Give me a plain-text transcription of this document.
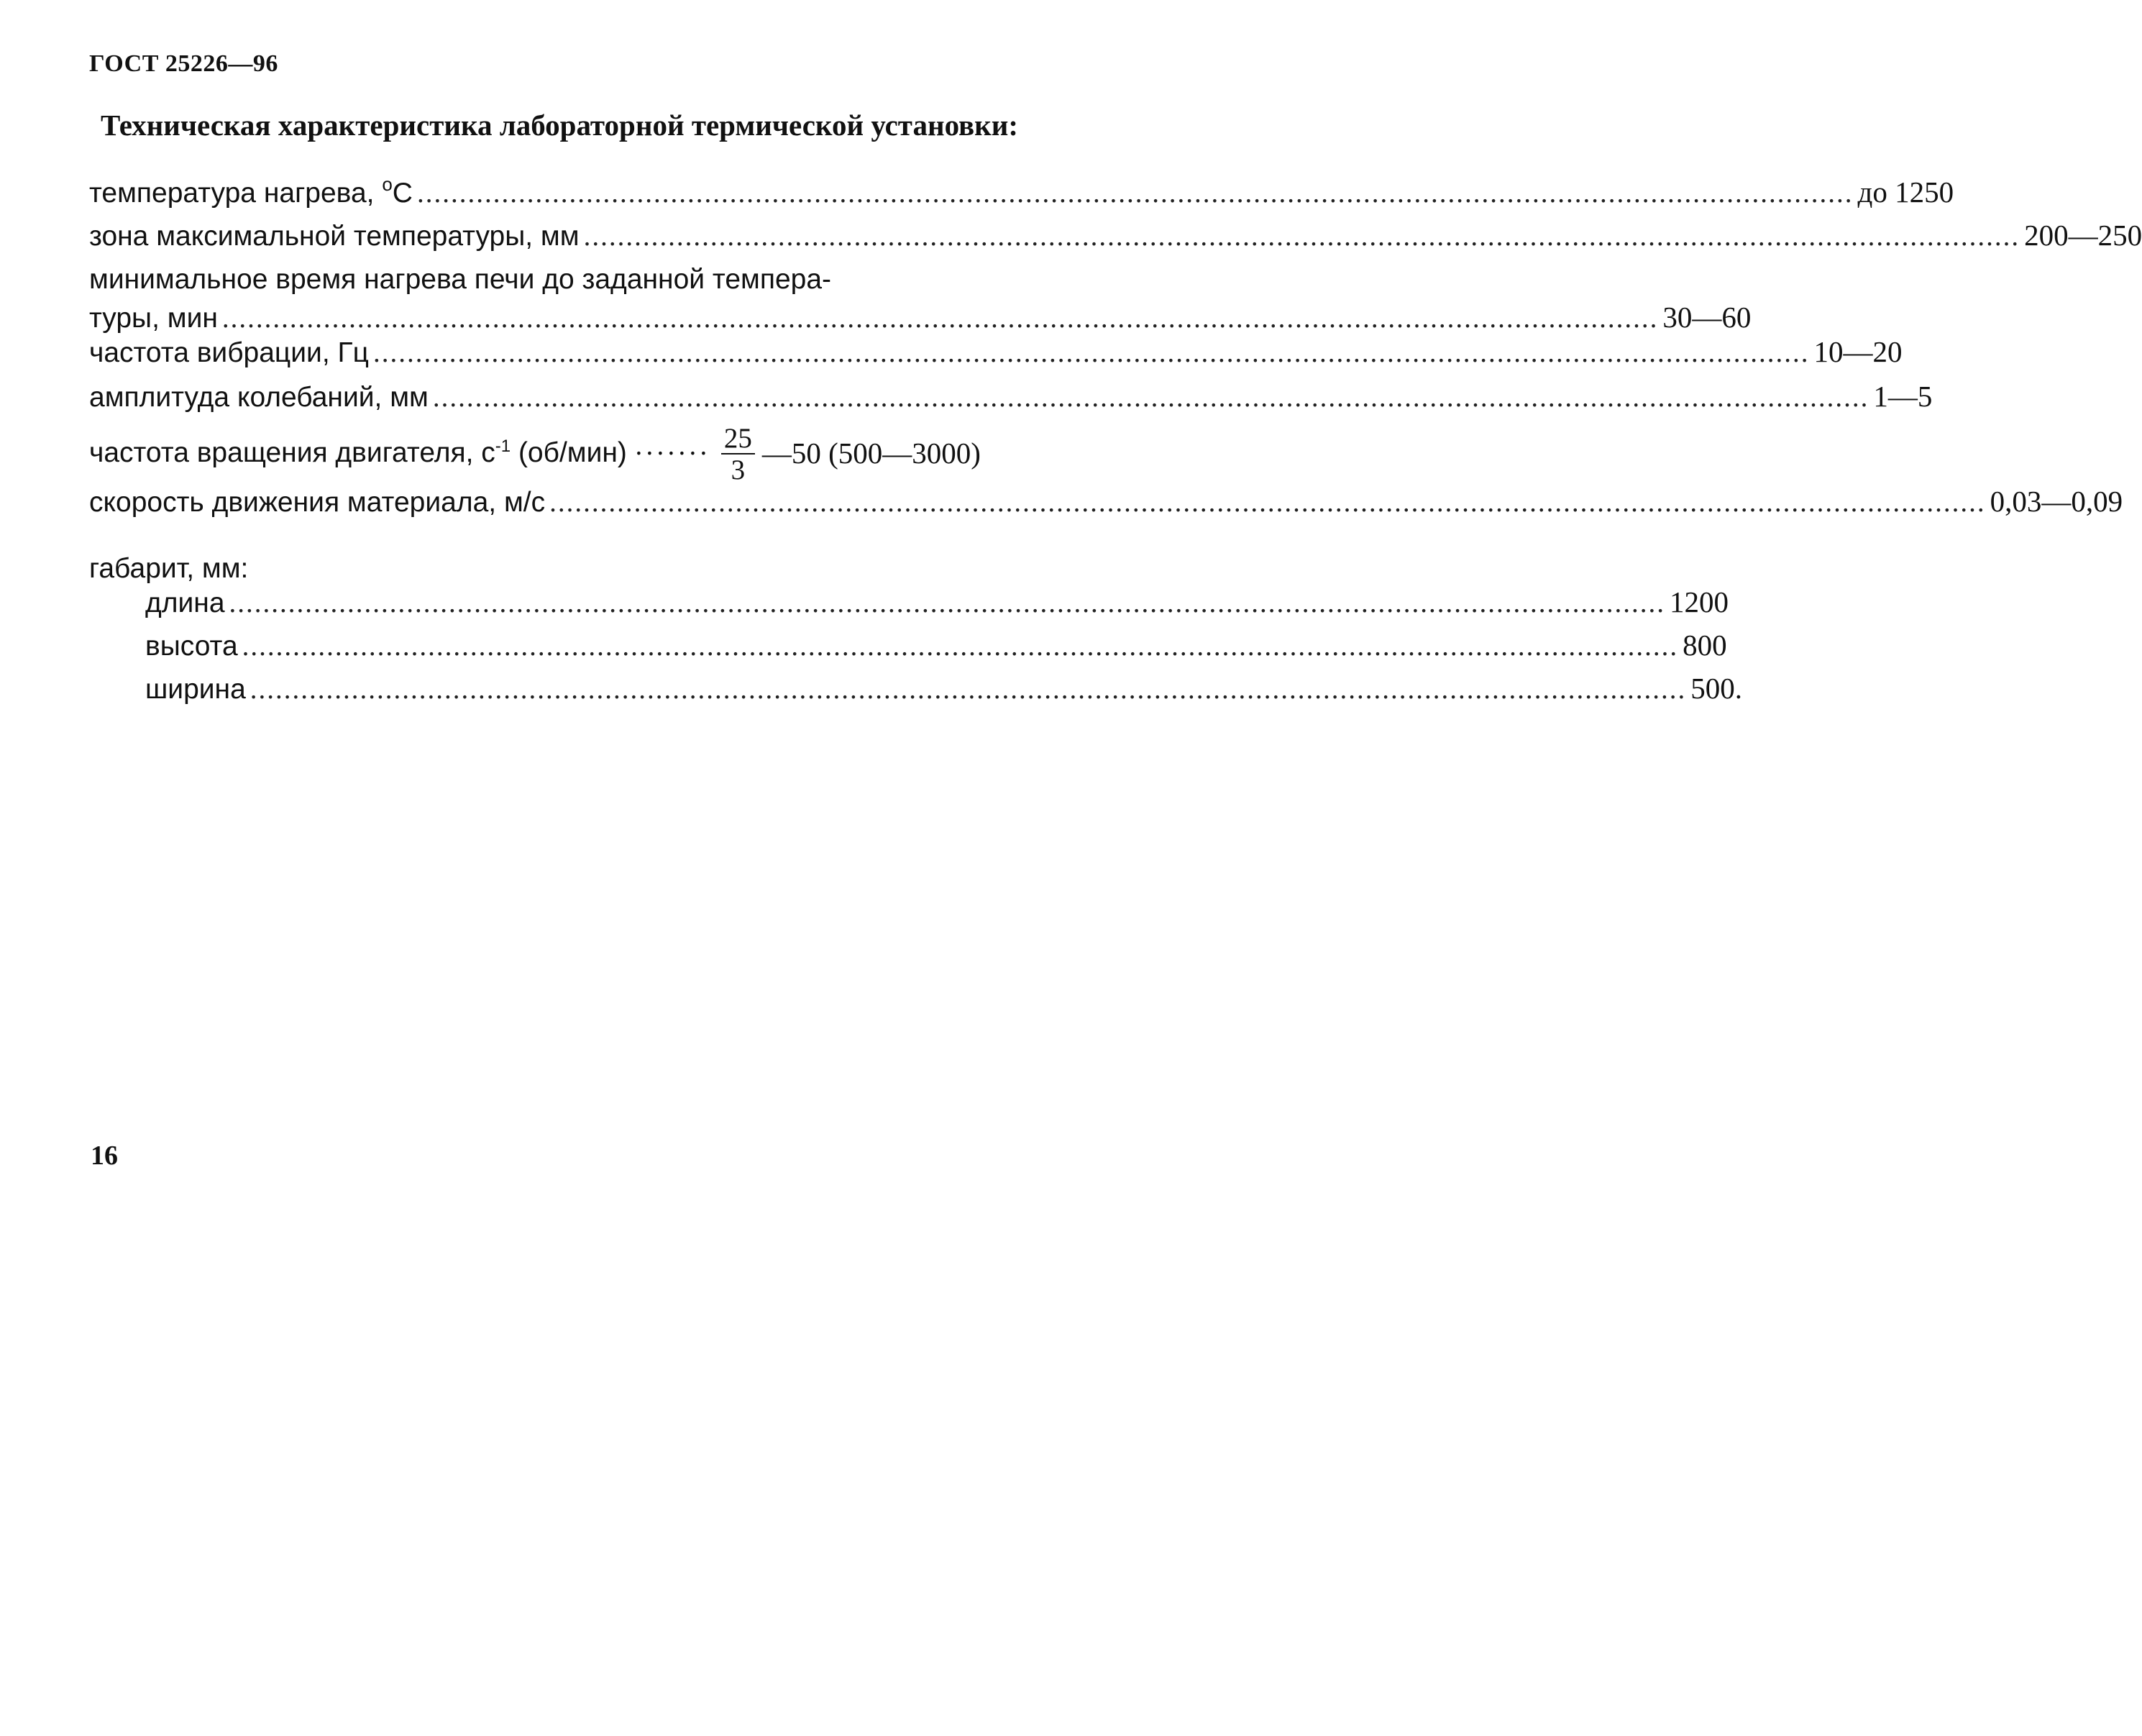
ГОСТ 25226—96
Техническая характеристика лабораторной термической установки:
температура нагрева, $^о$С .......................................................................................................................................................................... до 1250
зона максимальной температуры, мм .......................................................................................................................................................................... 200—250
минимальное время нагрева печи до заданной темпера-
туры, мин .......................................................................................................................................................................... 30—60
частота вибрации, Гц .......................................................................................................................................................................... 10—20
амплитуда колебаний, мм .......................................................................................................................................................................... 1—5
частота вращения двигателя, $с^{-1}$ (об/мин) ······· $\frac{25}{3}$ —50 (500—3000)
скорость движения материала, м/с .......................................................................................................................................................................... 0,03—0,09
габарит, мм:
длина .......................................................................................................................................................................... 1200
высота .......................................................................................................................................................................... 800
ширина .......................................................................................................................................................................... 500.
16
